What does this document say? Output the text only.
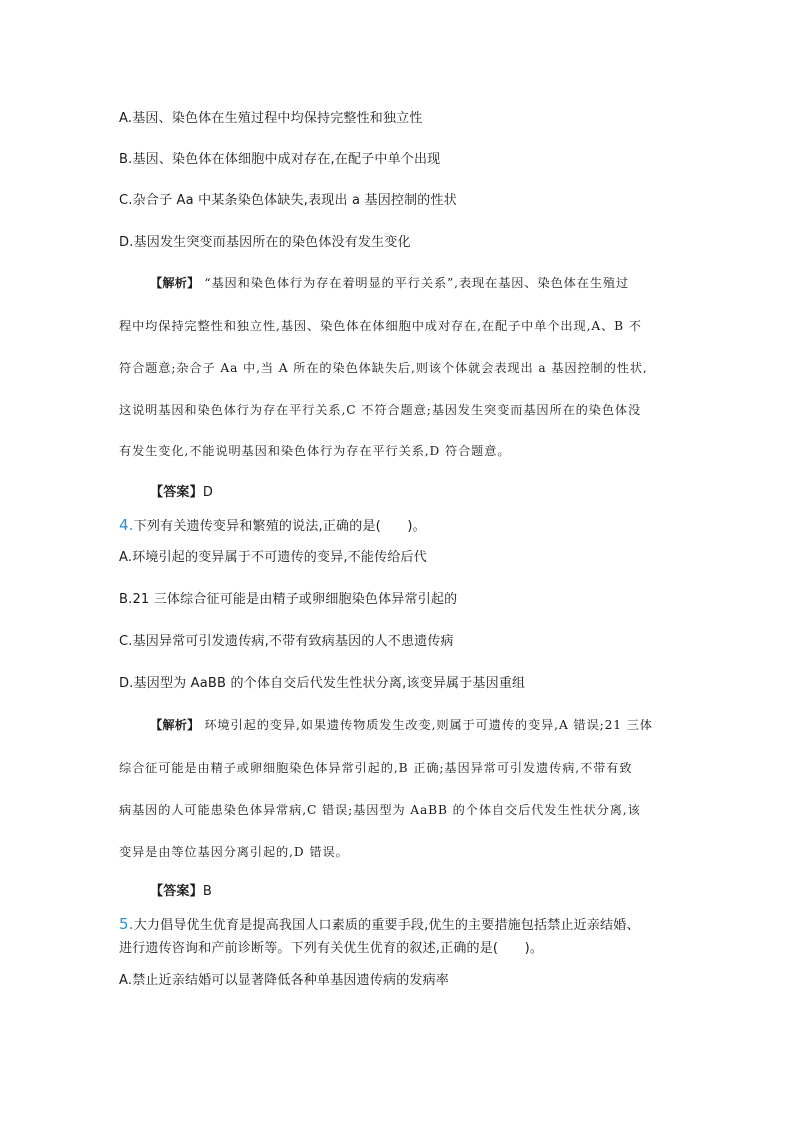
A.基因、染色体在生殖过程中均保持完整性和独立性
B.基因、染色体在体细胞中成对存在,在配子中单个出现
C.杂合子 Aa 中某条染色体缺失,表现出 a 基因控制的性状
D.基因发生突变而基因所在的染色体没有发生变化
【解析】 “基因和染色体行为存在着明显的平行关系”,表现在基因、染色体在生殖过
程中均保持完整性和独立性,基因、染色体在体细胞中成对存在,在配子中单个出现,A、B 不
符合题意;杂合子 Aa 中,当 A 所在的染色体缺失后,则该个体就会表现出 a 基因控制的性状,
这说明基因和染色体行为存在平行关系,C 不符合题意;基因发生突变而基因所在的染色体没
有发生变化,不能说明基因和染色体行为存在平行关系,D 符合题意。
【答案】D
4.下列有关遗传变异和繁殖的说法,正确的是(　　)。
A.环境引起的变异属于不可遗传的变异,不能传给后代
B.21 三体综合征可能是由精子或卵细胞染色体异常引起的
C.基因异常可引发遗传病,不带有致病基因的人不患遗传病
D.基因型为 AaBB 的个体自交后代发生性状分离,该变异属于基因重组
【解析】 环境引起的变异,如果遗传物质发生改变,则属于可遗传的变异,A 错误;21 三体
综合征可能是由精子或卵细胞染色体异常引起的,B 正确;基因异常可引发遗传病,不带有致
病基因的人可能患染色体异常病,C 错误;基因型为 AaBB 的个体自交后代发生性状分离,该
变异是由等位基因分离引起的,D 错误。
【答案】B
5.大力倡导优生优育是提高我国人口素质的重要手段,优生的主要措施包括禁止近亲结婚、
进行遗传咨询和产前诊断等。下列有关优生优育的叙述,正确的是(　　)。
A.禁止近亲结婚可以显著降低各种单基因遗传病的发病率
